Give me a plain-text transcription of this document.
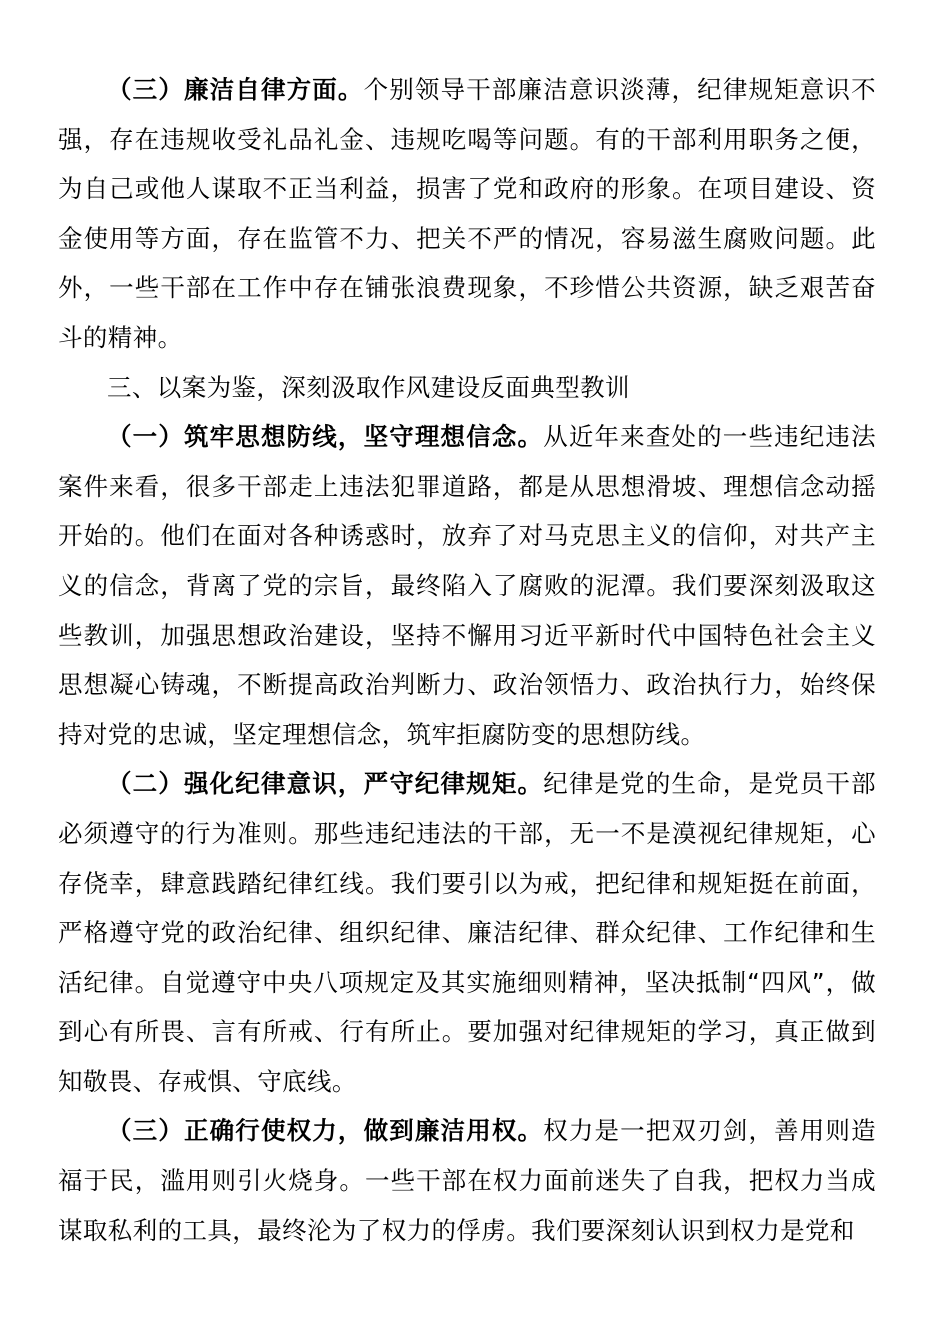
（三）廉洁自律方面。个别领导干部廉洁意识淡薄，纪律规矩意识不强，存在违规收受礼品礼金、违规吃喝等问题。有的干部利用职务之便，为自己或他人谋取不正当利益，损害了党和政府的形象。在项目建设、资金使用等方面，存在监管不力、把关不严的情况，容易滋生腐败问题。此外，一些干部在工作中存在铺张浪费现象，不珍惜公共资源，缺乏艰苦奋斗的精神。

三、以案为鉴，深刻汲取作风建设反面典型教训

（一）筑牢思想防线，坚守理想信念。从近年来查处的一些违纪违法案件来看，很多干部走上违法犯罪道路，都是从思想滑坡、理想信念动摇开始的。他们在面对各种诱惑时，放弃了对马克思主义的信仰，对共产主义的信念，背离了党的宗旨，最终陷入了腐败的泥潭。我们要深刻汲取这些教训，加强思想政治建设，坚持不懈用习近平新时代中国特色社会主义思想凝心铸魂，不断提高政治判断力、政治领悟力、政治执行力，始终保持对党的忠诚，坚定理想信念，筑牢拒腐防变的思想防线。

（二）强化纪律意识，严守纪律规矩。纪律是党的生命，是党员干部必须遵守的行为准则。那些违纪违法的干部，无一不是漠视纪律规矩，心存侥幸，肆意践踏纪律红线。我们要引以为戒，把纪律和规矩挺在前面，严格遵守党的政治纪律、组织纪律、廉洁纪律、群众纪律、工作纪律和生活纪律。自觉遵守中央八项规定及其实施细则精神，坚决抵制“四风”，做到心有所畏、言有所戒、行有所止。要加强对纪律规矩的学习，真正做到知敬畏、存戒惧、守底线。

（三）正确行使权力，做到廉洁用权。权力是一把双刃剑，善用则造福于民，滥用则引火烧身。一些干部在权力面前迷失了自我，把权力当成谋取私利的工具，最终沦为了权力的俘虏。我们要深刻认识到权力是党和
